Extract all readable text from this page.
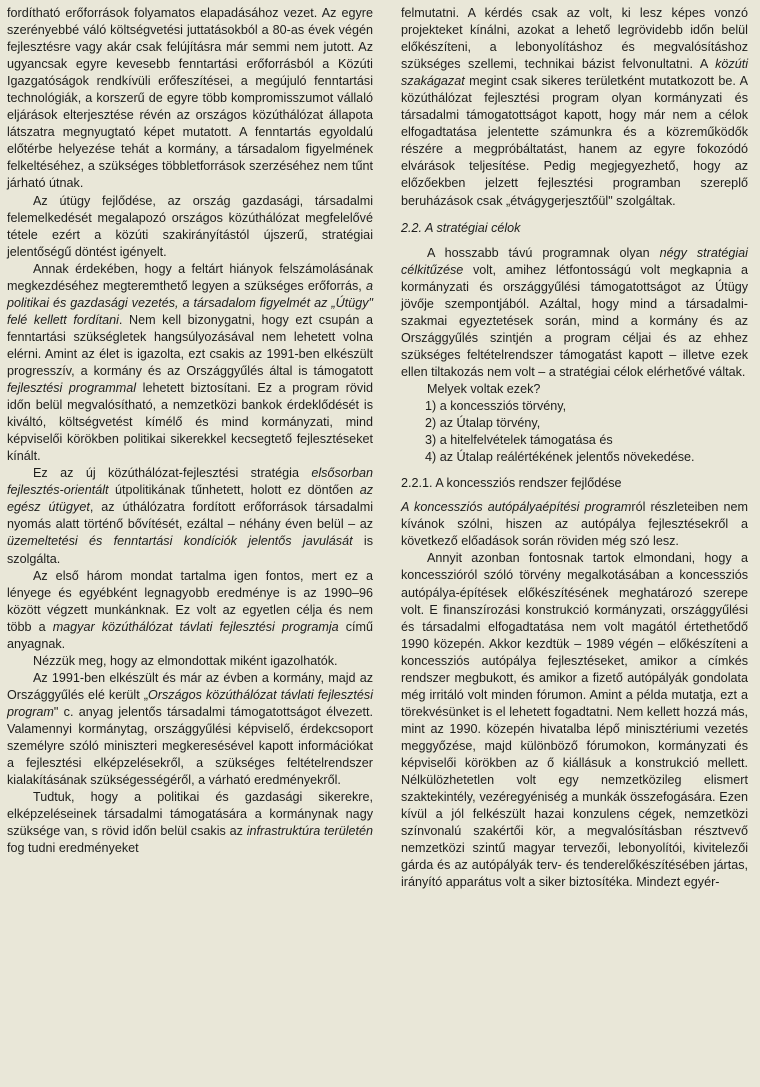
fordítható erőforrások folyamatos elapadásához vezet. Az egyre szerényebbé váló költségvetési juttatásokból a 80-as évek végén fejlesztésre vagy akár csak felújításra már semmi nem jutott. Az ugyancsak egyre kevesebb fenntartási erőforrásból a Közúti Igazgatóságok rendkívüli erőfeszítései, a megújuló fenntartási technológiák, a korszerű de egyre több kompromisszumot vállaló eljárások elterjesztése révén az országos közúthálózat állapota látszatra megnyugtató képet mutatott. A fenntartás egyoldalú előtérbe helyezése tehát a kormány, a társadalom figyelmének felkeltéséhez, a szükséges többletforrások szerzéséhez nem tűnt járható útnak.

Az útügy fejlődése, az ország gazdasági, társadalmi felemelkedését megalapozó országos közúthálózat megfelelővé tétele ezért a közúti szakirányítástól újszerű, stratégiai jelentőségű döntést igényelt.

Annak érdekében, hogy a feltárt hiányok felszámolásának megkezdéséhez megteremthető legyen a szükséges erőforrás, a politikai és gazdasági vezetés, a társadalom figyelmét az „Útügy" felé kellett fordítani. Nem kell bizonygatni, hogy ezt csupán a fenntartási szükségletek hangsúlyozásával nem lehetett volna elérni. Amint az élet is igazolta, ezt csakis az 1991-ben elkészült progresszív, a kormány és az Országgyűlés által is támogatott fejlesztési programmal lehetett biztosítani. Ez a program rövid időn belül megvalósítható, a nemzetközi bankok érdeklődését is kiváltó, költségvetést kímélő és mind kormányzati, mind képviselői körökben politikai sikerekkel kecsegtető fejlesztéseket kínált.

Ez az új közúthálózat-fejlesztési stratégia elsősorban fejlesztés-orientált útpolitikának tűnhetett, holott ez döntően az egész útügyet, az úthálózatra fordított erőforrások társadalmi nyomás alatt történő bővítését, ezáltal – néhány éven belül – az üzemeltetési és fenntartási kondíciók jelentős javulását is szolgálta.

Az első három mondat tartalma igen fontos, mert ez a lényege és egyébként legnagyobb eredménye is az 1990–96 között végzett munkánknak. Ez volt az egyetlen célja és nem több a magyar közúthálózat távlati fejlesztési programja című anyagnak.

Nézzük meg, hogy az elmondottak miként igazolhatók.

Az 1991-ben elkészült és már az évben a kormány, majd az Országgyűlés elé került „Országos közúthálózat távlati fejlesztési program" c. anyag jelentős társadalmi támogatottságot élvezett. Valamennyi kormánytag, országgyűlési képviselő, érdekcsoport személyre szóló miniszteri megkeresésével kapott információkat a fejlesztési elképzelésekről, a szükséges feltételrendszer kialakításának szükségességéről, a várható eredményekről.

Tudtuk, hogy a politikai és gazdasági sikerekre, elképzeléseinek társadalmi támogatására a kormánynak nagy szüksége van, s rövid időn belül csakis az infrastruktúra területén fog tudni eredményeket

felmutatni. A kérdés csak az volt, ki lesz képes vonzó projekteket kínálni, azokat a lehető legrövidebb időn belül előkészíteni, a lebonyolításhoz és megvalósításhoz szükséges szellemi, technikai bázist felvonultatni. A közúti szakágazat megint csak sikeres területként mutatkozott be. A közúthálózat fejlesztési program olyan kormányzati és társadalmi támogatottságot kapott, hogy már nem a célok elfogadtatása jelentette számunkra és a közreműködők részére a megpróbáltatást, hanem az egyre fokozódó elvárások teljesítése. Pedig megjegyezhető, hogy az előzőekben jelzett fejlesztési programban szereplő beruházások csak „étvágygerjesztőül" szolgáltak.

2.2. A stratégiai célok

A hosszabb távú programnak olyan négy stratégiai célkitűzése volt, amihez létfontosságú volt megkapnia a kormányzati és országgyűlési támogatottságot az Útügy jövője szempontjából. Azáltal, hogy mind a társadalmi-szakmai egyeztetések során, mind a kormány és az Országgyűlés szintjén a program céljai és az ehhez szükséges feltételrendszer támogatást kapott – illetve ezek ellen tiltakozás nem volt – a stratégiai célok elérhetővé váltak.

Melyek voltak ezek?

1) a koncessziós törvény,
2) az Útalap törvény,
3) a hitelfelvételek támogatása és
4) az Útalap reálértékének jelentős növekedése.
2.2.1. A koncessziós rendszer fejlődése

A koncessziós autópályaépítési programról részleteiben nem kívánok szólni, hiszen az autópálya fejlesztésekről a következő előadások során röviden még szó lesz.

Annyit azonban fontosnak tartok elmondani, hogy a koncesszióról szóló törvény megalkotásában a koncessziós autópálya-építések előkészítésének meghatározó szerepe volt. E finanszírozási konstrukció kormányzati, országgyűlési és társadalmi elfogadtatása nem volt magától értethetődő 1990 közepén. Akkor kezdtük – 1989 végén – előkészíteni a koncessziós autópálya fejlesztéseket, amikor a címkés rendszer megbukott, és amikor a fizető autópályák gondolata még irritáló volt minden fórumon. Amint a példa mutatja, ezt a törekvésünket is el lehetett fogadtatni. Nem kellett hozzá más, mint az 1990. közepén hivatalba lépő minisztériumi vezetés meggyőzése, majd különböző fórumokon, kormányzati és képviselői körökben az ő kiállásuk a konstrukció mellett. Nélkülözhetetlen volt egy nemzetközileg elismert szaktekintély, vezéregyéniség a munkák összefogására. Ezen kívül a jól felkészült hazai konzulens cégek, nemzetközi színvonalú szakértői kör, a megvalósításban résztvevő nemzetközi szintű magyar tervezői, lebonyolítói, kivitelezői gárda és az autópályák terv- és tenderelőkészítésében jártas, irányító apparátus volt a siker biztosítéka. Mindezt egyér-
